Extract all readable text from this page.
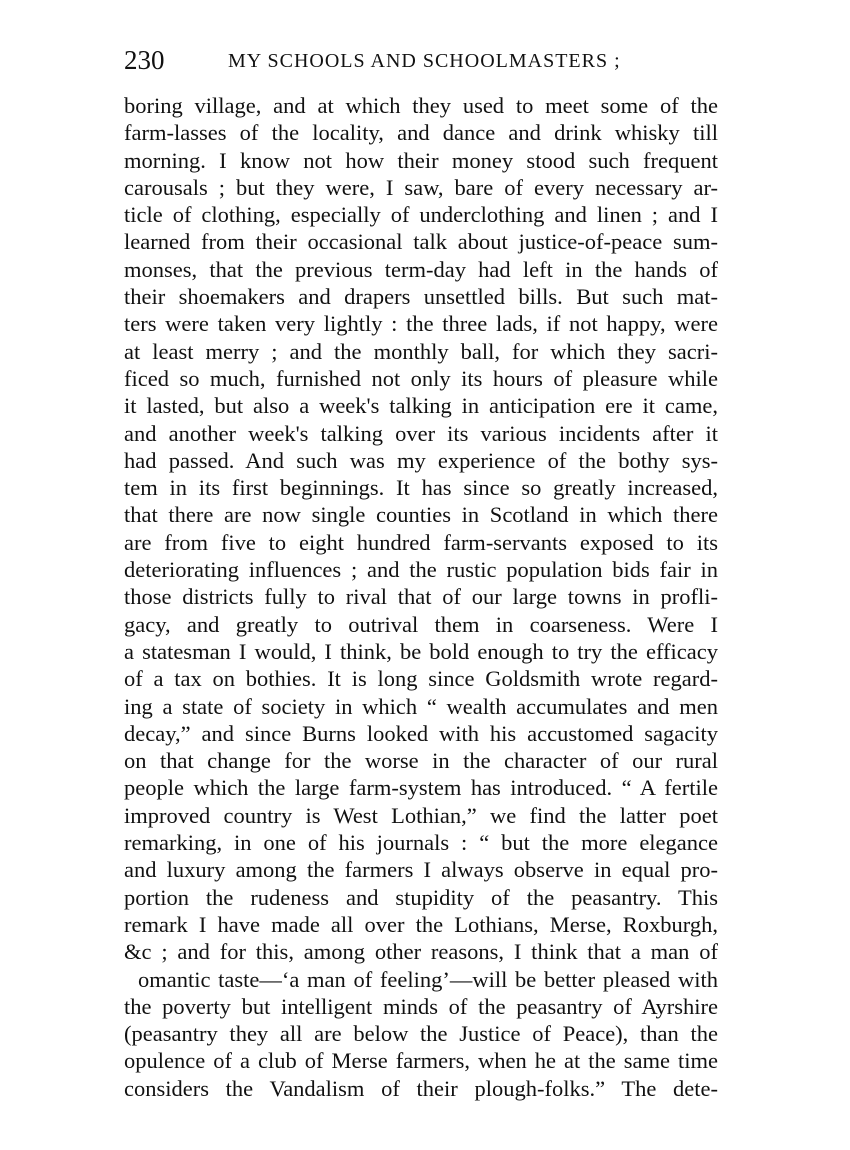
230	MY SCHOOLS AND SCHOOLMASTERS ;
boring village, and at which they used to meet some of the
farm-lasses of the locality, and dance and drink whisky till
morning. I know not how their money stood such frequent
carousals ; but they were, I saw, bare of every necessary ar-
ticle of clothing, especially of underclothing and linen ; and I
learned from their occasional talk about justice-of-peace sum-
monses, that the previous term-day had left in the hands of
their shoemakers and drapers unsettled bills. But such mat-
ters were taken very lightly : the three lads, if not happy, were
at least merry ; and the monthly ball, for which they sacri-
ficed so much, furnished not only its hours of pleasure while
it lasted, but also a week's talking in anticipation ere it came,
and another week's talking over its various incidents after it
had passed. And such was my experience of the bothy sys-
tem in its first beginnings. It has since so greatly increased,
that there are now single counties in Scotland in which there
are from five to eight hundred farm-servants exposed to its
deteriorating influences ; and the rustic population bids fair in
those districts fully to rival that of our large towns in profli-
gacy, and greatly to outrival them in coarseness. Were I
a statesman I would, I think, be bold enough to try the efficacy
of a tax on bothies. It is long since Goldsmith wrote regard-
ing a state of society in which “ wealth accumulates and men
decay,” and since Burns looked with his accustomed sagacity
on that change for the worse in the character of our rural
people which the large farm-system has introduced. “ A fertile
improved country is West Lothian,” we find the latter poet
remarking, in one of his journals : “ but the more elegance
and luxury among the farmers I always observe in equal pro-
portion the rudeness and stupidity of the peasantry. This
remark I have made all over the Lothians, Merse, Roxburgh,
&c ; and for this, among other reasons, I think that a man of
omantic taste—‘a man of feeling’—will be better pleased with
the poverty but intelligent minds of the peasantry of Ayrshire
(peasantry they all are below the Justice of Peace), than the
opulence of a club of Merse farmers, when he at the same time
considers the Vandalism of their plough-folks.” The dete-
